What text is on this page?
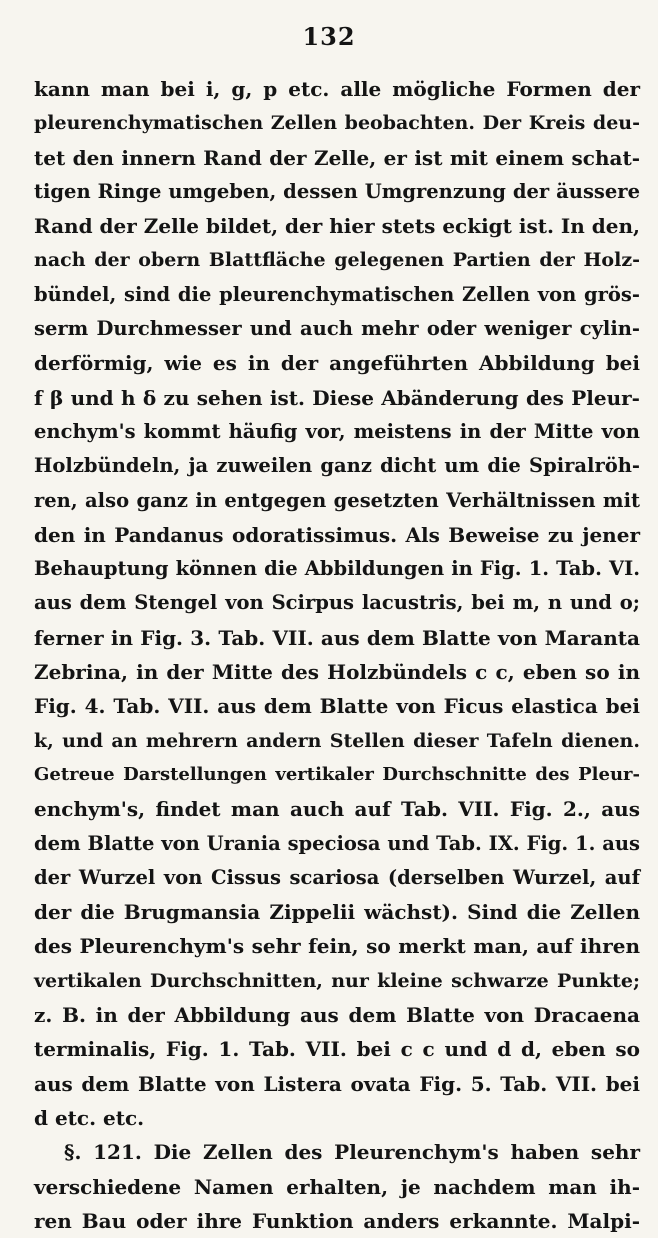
132
kann man bei i, g, p etc. alle mögliche Formen der
pleurenchymatischen Zellen beobachten. Der Kreis deu-
tet den innern Rand der Zelle, er ist mit einem schat-
tigen Ringe umgeben, dessen Umgrenzung der äussere
Rand der Zelle bildet, der hier stets eckigt ist. In den,
nach der obern Blattfläche gelegenen Partien der Holz-
bündel, sind die pleurenchymatischen Zellen von grös-
serm Durchmesser und auch mehr oder weniger cylin-
derförmig, wie es in der angeführten Abbildung bei
f β und h δ zu sehen ist. Diese Abänderung des Pleur-
enchym's kommt häufig vor, meistens in der Mitte von
Holzbündeln, ja zuweilen ganz dicht um die Spiralröh-
ren, also ganz in entgegen gesetzten Verhältnissen mit
den in Pandanus odoratissimus. Als Beweise zu jener
Behauptung können die Abbildungen in Fig. 1. Tab. VI.
aus dem Stengel von Scirpus lacustris, bei m, n und o;
ferner in Fig. 3. Tab. VII. aus dem Blatte von Maranta
Zebrina, in der Mitte des Holzbündels c c, eben so in
Fig. 4. Tab. VII. aus dem Blatte von Ficus elastica bei
k, und an mehrern andern Stellen dieser Tafeln dienen.
Getreue Darstellungen vertikaler Durchschnitte des Pleur-
enchym's, findet man auch auf Tab. VII. Fig. 2., aus
dem Blatte von Urania speciosa und Tab. IX. Fig. 1. aus
der Wurzel von Cissus scariosa (derselben Wurzel, auf
der die Brugmansia Zippelii wächst). Sind die Zellen
des Pleurenchym's sehr fein, so merkt man, auf ihren
vertikalen Durchschnitten, nur kleine schwarze Punkte;
z. B. in der Abbildung aus dem Blatte von Dracaena
terminalis, Fig. 1. Tab. VII. bei c c und d d, eben so
aus dem Blatte von Listera ovata Fig. 5. Tab. VII. bei
d etc. etc.
§. 121. Die Zellen des Pleurenchym's haben sehr
verschiedene Namen erhalten, je nachdem man ih-
ren Bau oder ihre Funktion anders erkannte. Malpi-
